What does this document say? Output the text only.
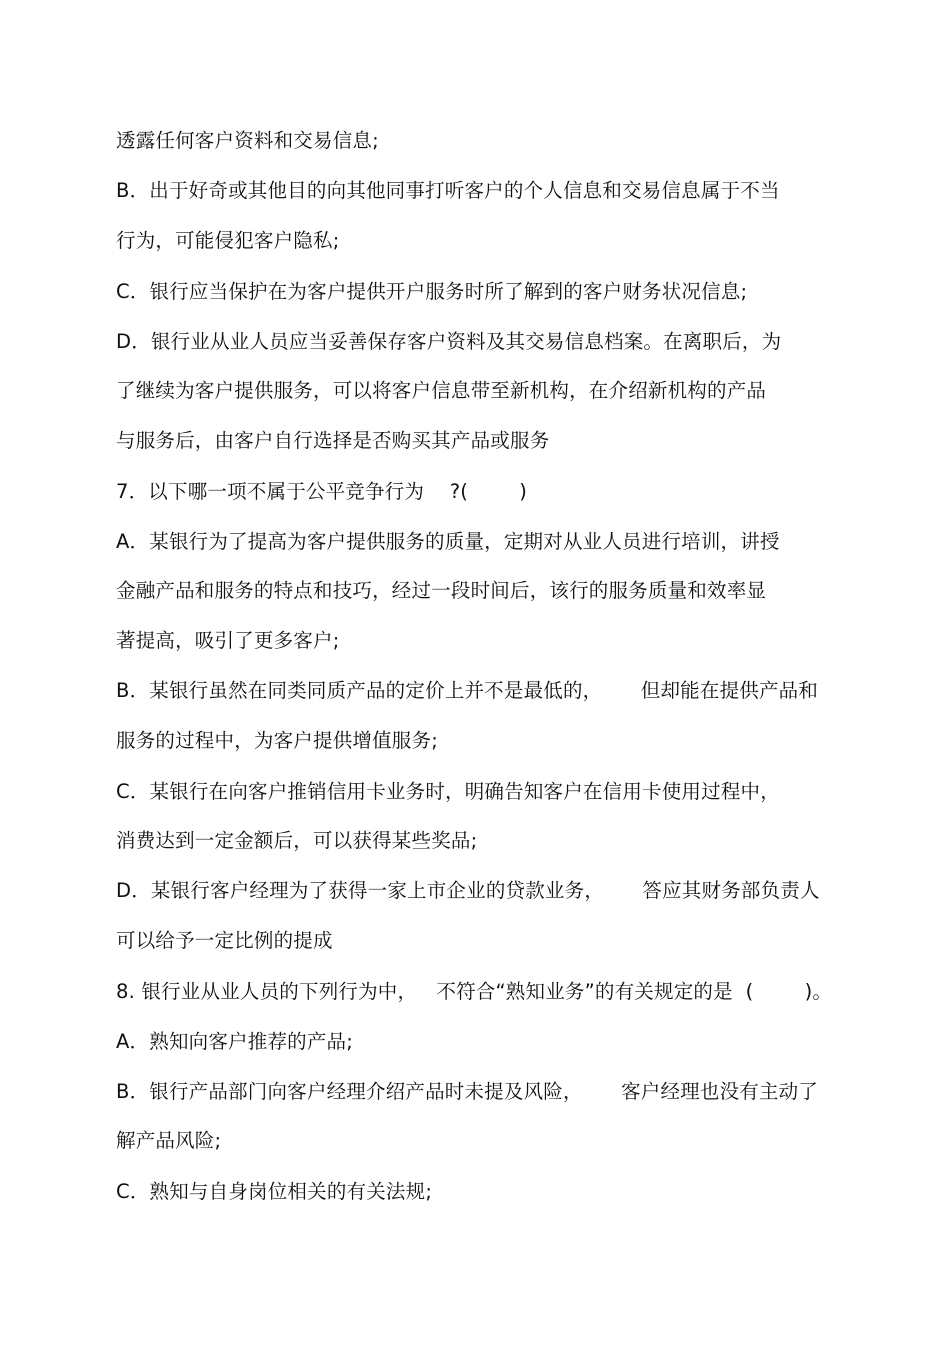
透露任何客户资料和交易信息;
B．出于好奇或其他目的向其他同事打听客户的个人信息和交易信息属于不当
行为，可能侵犯客户隐私;
C．银行应当保护在为客户提供开户服务时所了解到的客户财务状况信息;
D．银行业从业人员应当妥善保存客户资料及其交易信息档案。在离职后，为
了继续为客户提供服务，可以将客户信息带至新机构，在介绍新机构的产品
与服务后，由客户自行选择是否购买其产品或服务
7．以下哪一项不属于公平竞争行为    ?(        )
A．某银行为了提高为客户提供服务的质量，定期对从业人员进行培训，讲授
金融产品和服务的特点和技巧，经过一段时间后，该行的服务质量和效率显
著提高，吸引了更多客户;
B．某银行虽然在同类同质产品的定价上并不是最低的，      但却能在提供产品和
服务的过程中，为客户提供增值服务;
C．某银行在向客户推销信用卡业务时，明确告知客户在信用卡使用过程中，
消费达到一定金额后，可以获得某些奖品;
D．某银行客户经理为了获得一家上市企业的贷款业务，      答应其财务部负责人
可以给予一定比例的提成
8. 银行业从业人员的下列行为中，   不符合“熟知业务”的有关规定的是  (        )。
A．熟知向客户推荐的产品;
B．银行产品部门向客户经理介绍产品时未提及风险，      客户经理也没有主动了
解产品风险;
C．熟知与自身岗位相关的有关法规;
